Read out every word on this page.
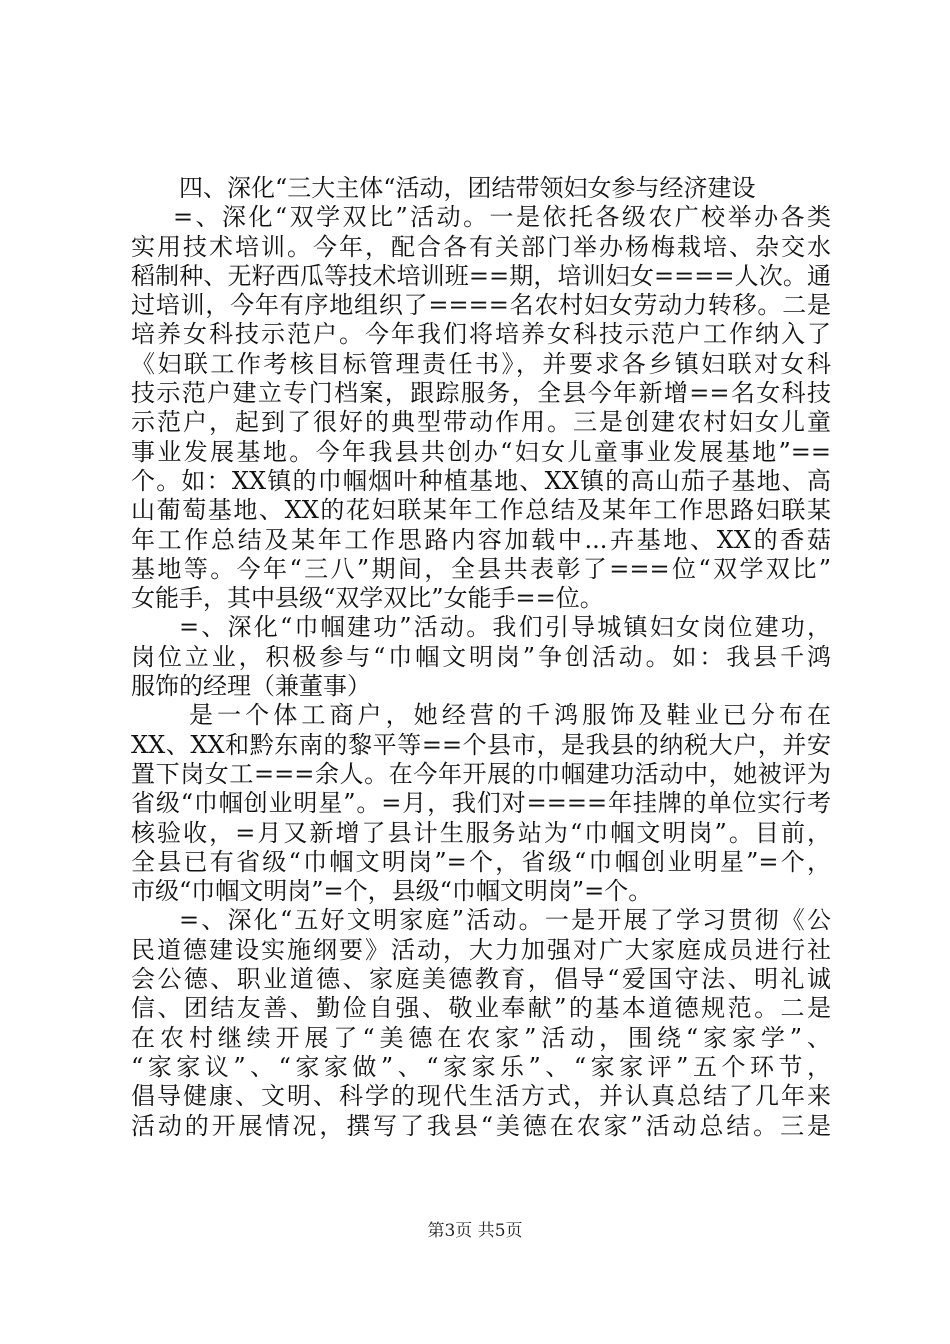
四、深化“三大主体“活动，团结带领妇女参与经济建设
=、深化“双学双比”活动。一是依托各级农广校举办各类
实用技术培训。今年，配合各有关部门举办杨梅栽培、杂交水
稻制种、无籽西瓜等技术培训班==期，培训妇女====人次。通
过培训，今年有序地组织了====名农村妇女劳动力转移。二是
培养女科技示范户。今年我们将培养女科技示范户工作纳入了
《妇联工作考核目标管理责任书》，并要求各乡镇妇联对女科
技示范户建立专门档案，跟踪服务，全县今年新增==名女科技
示范户，起到了很好的典型带动作用。三是创建农村妇女儿童
事业发展基地。今年我县共创办“妇女儿童事业发展基地”==
个。如：XX镇的巾帼烟叶种植基地、XX镇的高山茄子基地、高
山葡萄基地、XX的花妇联某年工作总结及某年工作思路妇联某
年工作总结及某年工作思路内容加载中...卉基地、XX的香菇
基地等。今年“三八”期间，全县共表彰了===位“双学双比”
女能手，其中县级“双学双比”女能手==位。
=、深化“巾帼建功”活动。我们引导城镇妇女岗位建功，
岗位立业，积极参与“巾帼文明岗”争创活动。如：我县千鸿
服饰的经理（兼董事）
是一个体工商户，她经营的千鸿服饰及鞋业已分布在
XX、XX和黔东南的黎平等==个县市，是我县的纳税大户，并安
置下岗女工===余人。在今年开展的巾帼建功活动中，她被评为
省级“巾帼创业明星”。=月，我们对====年挂牌的单位实行考
核验收，=月又新增了县计生服务站为“巾帼文明岗”。目前，
全县已有省级“巾帼文明岗”=个，省级“巾帼创业明星”=个，
市级“巾帼文明岗”=个，县级“巾帼文明岗”=个。
=、深化“五好文明家庭”活动。一是开展了学习贯彻《公
民道德建设实施纲要》活动，大力加强对广大家庭成员进行社
会公德、职业道德、家庭美德教育，倡导“爱国守法、明礼诚
信、团结友善、勤俭自强、敬业奉献”的基本道德规范。二是
在农村继续开展了“美德在农家”活动，围绕“家家学”、
“家家议”、“家家做”、“家家乐”、“家家评”五个环节，
倡导健康、文明、科学的现代生活方式，并认真总结了几年来
活动的开展情况，撰写了我县“美德在农家”活动总结。三是
第3页 共5页
